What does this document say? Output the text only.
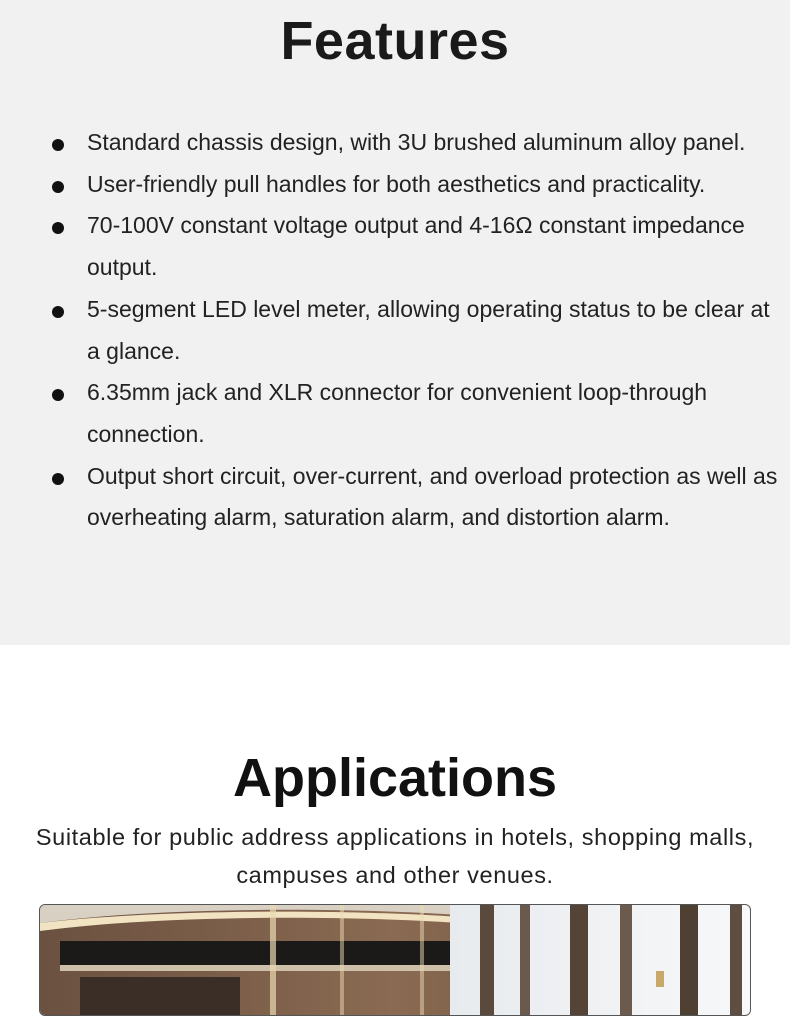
Features
Standard chassis design, with 3U brushed aluminum alloy panel.
User-friendly pull handles for both aesthetics and practicality.
70-100V constant voltage output and 4-16Ω constant impedance output.
5-segment LED level meter, allowing operating status to be clear at a glance.
6.35mm jack and XLR connector for convenient loop-through connection.
Output short circuit, over-current, and overload protection as well as overheating alarm, saturation alarm, and distortion alarm.
Applications

Suitable for public address applications in hotels, shopping malls, campuses and other venues.
